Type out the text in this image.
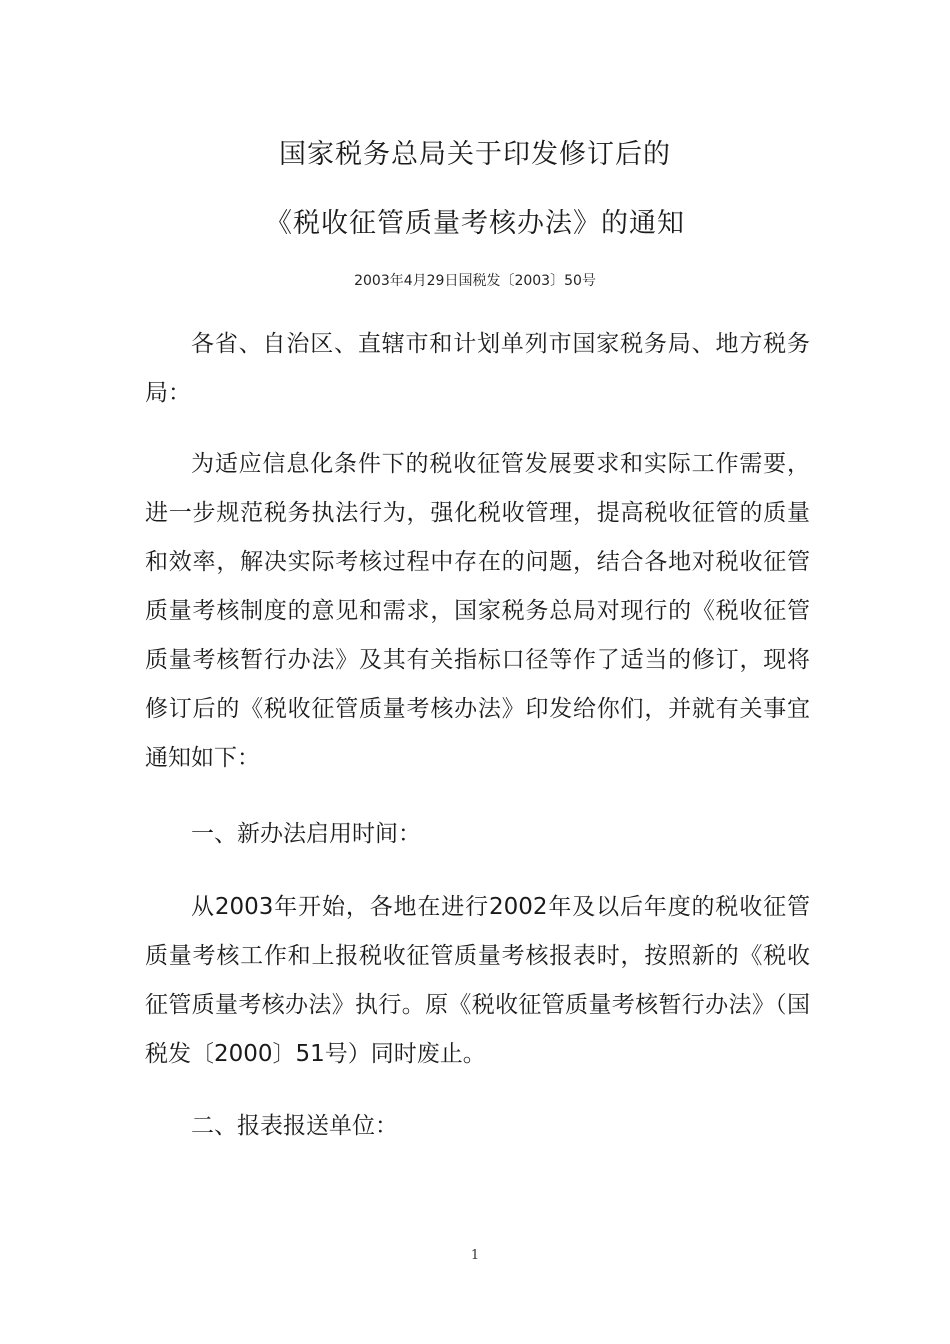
国家税务总局关于印发修订后的
《税收征管质量考核办法》的通知
2003年4月29日国税发〔2003〕50号

各省、自治区、直辖市和计划单列市国家税务局、地方税务局：

为适应信息化条件下的税收征管发展要求和实际工作需要，进一步规范税务执法行为，强化税收管理，提高税收征管的质量和效率，解决实际考核过程中存在的问题，结合各地对税收征管质量考核制度的意见和需求，国家税务总局对现行的《税收征管质量考核暂行办法》及其有关指标口径等作了适当的修订，现将修订后的《税收征管质量考核办法》印发给你们，并就有关事宜通知如下：

一、新办法启用时间：

从2003年开始，各地在进行2002年及以后年度的税收征管质量考核工作和上报税收征管质量考核报表时，按照新的《税收征管质量考核办法》执行。原《税收征管质量考核暂行办法》（国税发〔2000〕51号）同时废止。

二、报表报送单位：

1
